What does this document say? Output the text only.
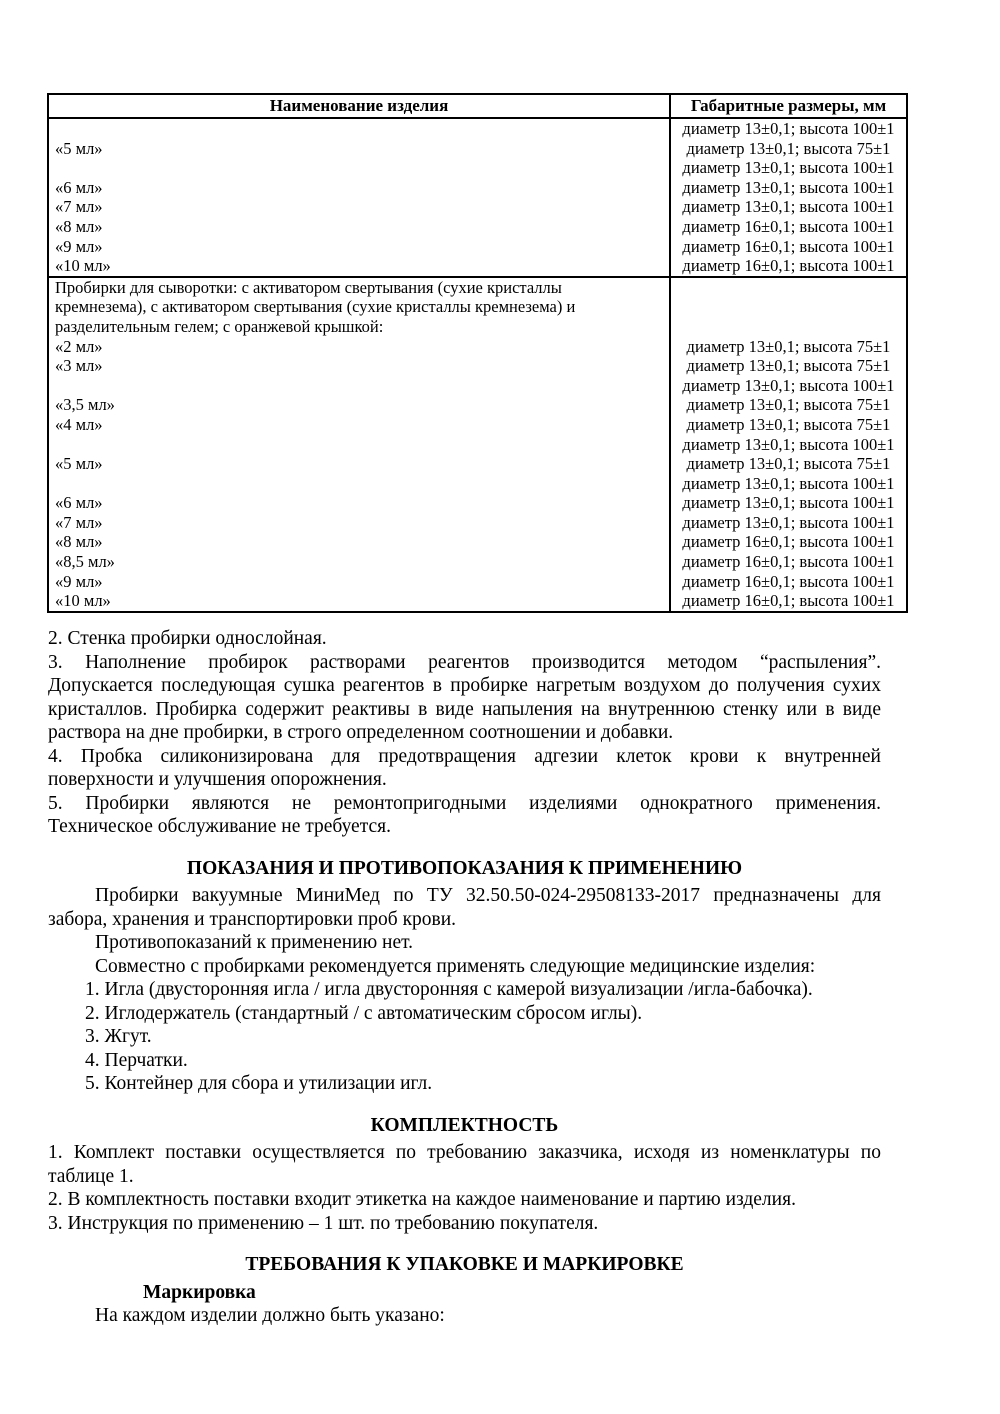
Наименование изделия	Габаритные размеры, мм

«5 мл»

«6 мл»
«7 мл»
«8 мл»
«9 мл»
«10 мл»
диаметр 13±0,1; высота 100±1
диаметр 13±0,1; высота 75±1
диаметр 13±0,1; высота 100±1
диаметр 13±0,1; высота 100±1
диаметр 13±0,1; высота 100±1
диаметр 16±0,1; высота 100±1
диаметр 16±0,1; высота 100±1
диаметр 16±0,1; высота 100±1
Пробирки для сыворотки: с активатором свертывания (сухие кристаллы
кремнезема), с активатором свертывания (сухие кристаллы кремнезема) и
разделительным гелем; с оранжевой крышкой:
«2 мл»
«3 мл»

«3,5 мл»
«4 мл»

«5 мл»

«6 мл»
«7 мл»
«8 мл»
«8,5 мл»
«9 мл»
«10 мл»

диаметр 13±0,1; высота 75±1
диаметр 13±0,1; высота 75±1
диаметр 13±0,1; высота 100±1
диаметр 13±0,1; высота 75±1
диаметр 13±0,1; высота 75±1
диаметр 13±0,1; высота 100±1
диаметр 13±0,1; высота 75±1
диаметр 13±0,1; высота 100±1
диаметр 13±0,1; высота 100±1
диаметр 13±0,1; высота 100±1
диаметр 16±0,1; высота 100±1
диаметр 16±0,1; высота 100±1
диаметр 16±0,1; высота 100±1
диаметр 16±0,1; высота 100±1
2. Стенка пробирки однослойная.
3. Наполнение пробирок растворами реагентов производится методом “распыления”.
Допускается последующая сушка реагентов в пробирке нагретым воздухом до получения сухих
кристаллов. Пробирка содержит реактивы в виде напыления на внутреннюю стенку или в виде
раствора на дне пробирки, в строго определенном соотношении и добавки.
4. Пробка силиконизирована для предотвращения адгезии клеток крови к внутренней
поверхности и улучшения опорожнения.
5. Пробирки являются не ремонтопригодными изделиями однократного применения.
Техническое обслуживание не требуется.
ПОКАЗАНИЯ И ПРОТИВОПОКАЗАНИЯ К ПРИМЕНЕНИЮ
Пробирки вакуумные МиниМед по ТУ 32.50.50-024-29508133-2017 предназначены для
забора, хранения и транспортировки проб крови.
Противопоказаний к применению нет.
Совместно с пробирками рекомендуется применять следующие медицинские изделия:
1. Игла (двусторонняя игла / игла двусторонняя с камерой визуализации /игла-бабочка).
2. Иглодержатель (стандартный / с автоматическим сбросом иглы).
3. Жгут.
4. Перчатки.
5. Контейнер для сбора и утилизации игл.
КОМПЛЕКТНОСТЬ
1. Комплект поставки осуществляется по требованию заказчика, исходя из номенклатуры по
таблице 1.
2. В комплектность поставки входит этикетка на каждое наименование и партию изделия.
3. Инструкция по применению – 1 шт. по требованию покупателя.
ТРЕБОВАНИЯ К УПАКОВКЕ И МАРКИРОВКЕ
Маркировка
На каждом изделии должно быть указано:
